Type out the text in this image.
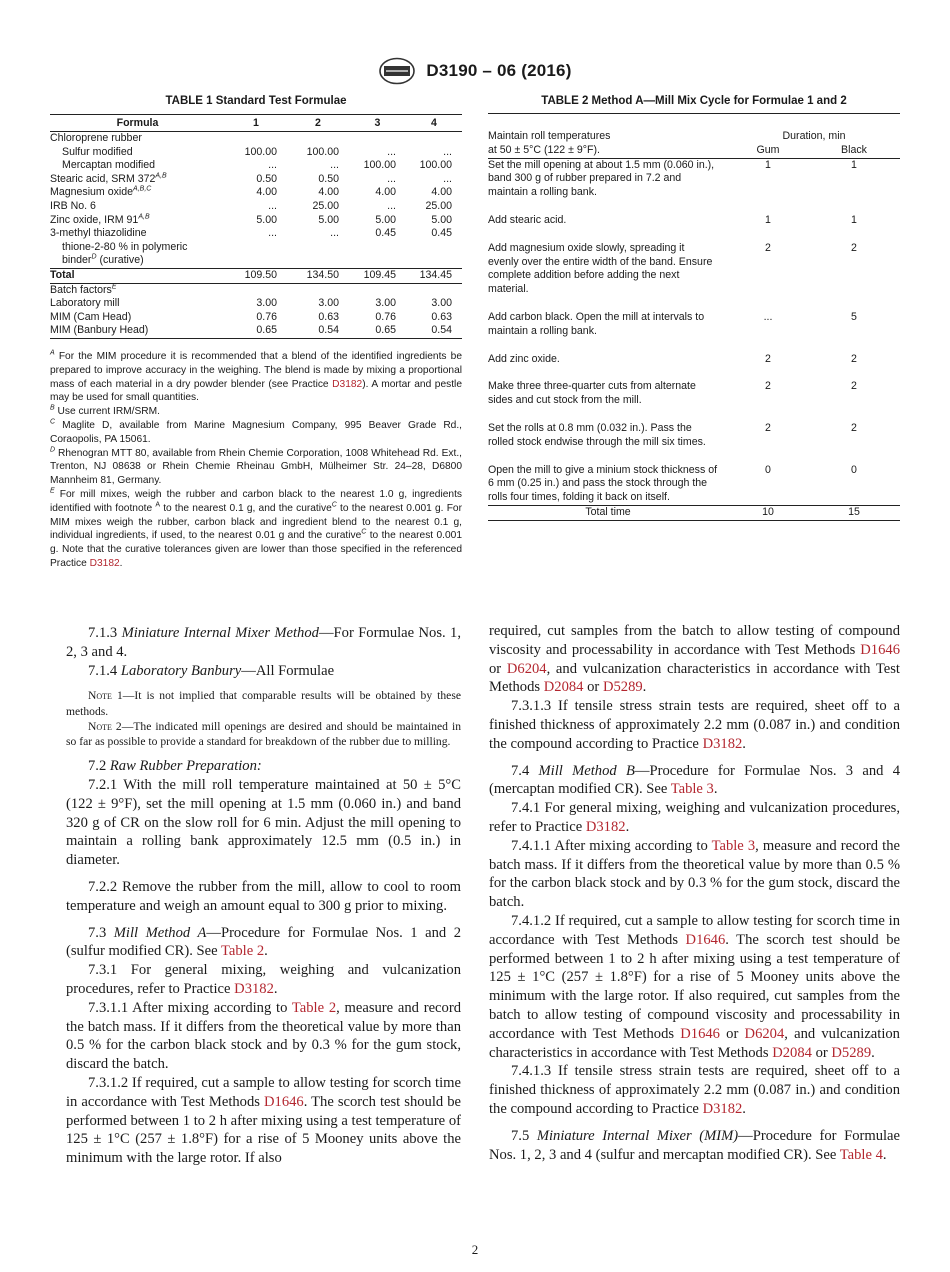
D3190 – 06 (2016)
TABLE 1 Standard Test Formulae
Formula	1	2	3	4
Chloroprene rubber				
Sulfur modified	100.00	100.00	...	...
Mercaptan modified	...	...	100.00	100.00
Stearic acid, SRM $372^{A,B}$	0.50	0.50	...	...
Magnesium oxide$^{A,B,C}$	4.00	4.00	4.00	4.00
IRB No. 6	...	25.00	...	25.00
Zinc oxide, IRM $91^{A,B}$	5.00	5.00	5.00	5.00
3-methyl thiazolidine	...	...	0.45	0.45
thione-2-80 % in polymeric				
binder$^D$ (curative)				
Total	109.50	134.50	109.45	134.45
Batch factors$^E$				
Laboratory mill	3.00	3.00	3.00	3.00
MIM (Cam Head)	0.76	0.63	0.76	0.63
MIM (Banbury Head)	0.65	0.54	0.65	0.54

$^A$ For the MIM procedure it is recommended that a blend of the identified ingredients be prepared to improve accuracy in the weighing. The blend is made by mixing a proportional mass of each material in a dry powder blender (see Practice D3182). A mortar and pestle may be used for small quantities.

$^B$ Use current IRM/SRM.

$^C$ Maglite D, available from Marine Magnesium Company, 995 Beaver Grade Rd., Coraopolis, PA 15061.

$^D$ Rhenogran MTT 80, available from Rhein Chemie Corporation, 1008 Whitehead Rd. Ext., Trenton, NJ 08638 or Rhein Chemie Rheinau GmbH, Mülheimer Str. 24–28, D6800 Mannheim 81, Germany.

$^E$ For mill mixes, weigh the rubber and carbon black to the nearest 1.0 g, ingredients identified with footnote $^A$ to the nearest 0.1 g, and the curative$^C$ to the nearest 0.001 g. For MIM mixes weigh the rubber, carbon black and ingredient blend to the nearest 0.1 g, individual ingredients, if used, to the nearest 0.01 g and the curative$^C$ to the nearest 0.001 g. Note that the curative tolerances given are lower than those specified in the referenced Practice D3182.

TABLE 2 Method A—Mill Mix Cycle for Formulae 1 and 2
Maintain roll temperatures	Duration, min	
at 50 ± 5°C (122 ± 9°F).	Gum	Black
Set the mill opening at about 1.5 mm (0.060 in.), band 300 g of rubber prepared in 7.2 and maintain a rolling bank.	1	1
Add stearic acid.	1	1
Add magnesium oxide slowly, spreading it evenly over the entire width of the band. Ensure complete addition before adding the next material.	2	2
Add carbon black. Open the mill at intervals to maintain a rolling bank.	...	5
Add zinc oxide.	2	2
Make three three-quarter cuts from alternate sides and cut stock from the mill.	2	2
Set the rolls at 0.8 mm (0.032 in.). Pass the rolled stock endwise through the mill six times.	2	2
Open the mill to give a minium stock thickness of 6 mm (0.25 in.) and pass the stock through the rolls four times, folding it back on itself.	0	0
Total time	10	15

7.1.3 Miniature Internal Mixer Method—For Formulae Nos. 1, 2, 3 and 4.

7.1.4 Laboratory Banbury—All Formulae

Note 1—It is not implied that comparable results will be obtained by these methods.

Note 2—The indicated mill openings are desired and should be maintained in so far as possible to provide a standard for breakdown of the rubber due to milling.

7.2 Raw Rubber Preparation:

7.2.1 With the mill roll temperature maintained at 50 ± 5°C (122 ± 9°F), set the mill opening at 1.5 mm (0.060 in.) and band 320 g of CR on the slow roll for 6 min. Adjust the mill opening to maintain a rolling bank approximately 12.5 mm (0.5 in.) in diameter.

7.2.2 Remove the rubber from the mill, allow to cool to room temperature and weigh an amount equal to 300 g prior to mixing.

7.3 Mill Method A—Procedure for Formulae Nos. 1 and 2 (sulfur modified CR). See Table 2.

7.3.1 For general mixing, weighing and vulcanization procedures, refer to Practice D3182.

7.3.1.1 After mixing according to Table 2, measure and record the batch mass. If it differs from the theoretical value by more than 0.5 % for the carbon black stock and by 0.3 % for the gum stock, discard the batch.

7.3.1.2 If required, cut a sample to allow testing for scorch time in accordance with Test Methods D1646. The scorch test should be performed between 1 to 2 h after mixing using a test temperature of 125 ± 1°C (257 ± 1.8°F) for a rise of 5 Mooney units above the minimum with the large rotor. If also

required, cut samples from the batch to allow testing of compound viscosity and processability in accordance with Test Methods D1646 or D6204, and vulcanization characteristics in accordance with Test Methods D2084 or D5289.

7.3.1.3 If tensile stress strain tests are required, sheet off to a finished thickness of approximately 2.2 mm (0.087 in.) and condition the compound according to Practice D3182.

7.4 Mill Method B—Procedure for Formulae Nos. 3 and 4 (mercaptan modified CR). See Table 3.

7.4.1 For general mixing, weighing and vulcanization procedures, refer to Practice D3182.

7.4.1.1 After mixing according to Table 3, measure and record the batch mass. If it differs from the theoretical value by more than 0.5 % for the carbon black stock and by 0.3 % for the gum stock, discard the batch.

7.4.1.2 If required, cut a sample to allow testing for scorch time in accordance with Test Methods D1646. The scorch test should be performed between 1 to 2 h after mixing using a test temperature of 125 ± 1°C (257 ± 1.8°F) for a rise of 5 Mooney units above the minimum with the large rotor. If also required, cut samples from the batch to allow testing of compound viscosity and processability in accordance with Test Methods D1646 or D6204, and vulcanization characteristics in accordance with Test Methods D2084 or D5289.

7.4.1.3 If tensile stress strain tests are required, sheet off to a finished thickness of approximately 2.2 mm (0.087 in.) and condition the compound according to Practice D3182.

7.5 Miniature Internal Mixer (MIM)—Procedure for Formulae Nos. 1, 2, 3 and 4 (sulfur and mercaptan modified CR). See Table 4.

2
